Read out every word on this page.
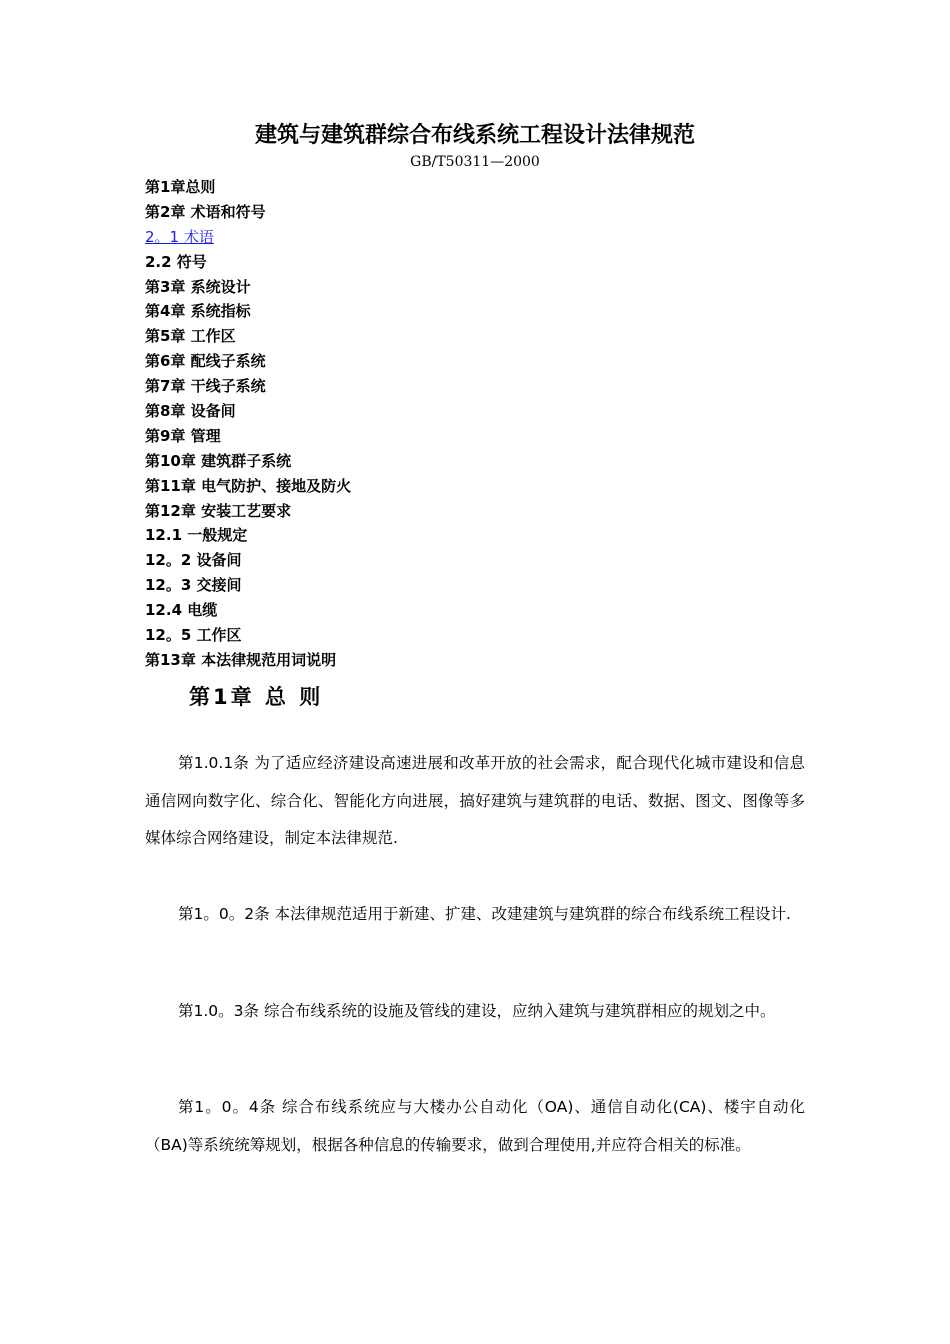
建筑与建筑群综合布线系统工程设计法律规范
GB/T50311—2000
第1章总则
第2章 术语和符号
2。1 术语
2.2 符号
第3章 系统设计
第4章 系统指标
第5章 工作区
第6章 配线子系统
第7章 干线子系统
第8章 设备间
第9章 管理
第10章 建筑群子系统
第11章 电气防护、接地及防火
第12章 安装工艺要求
12.1 一般规定
12。2 设备间
12。3 交接间
12.4 电缆
12。5 工作区
第13章 本法律规范用词说明
第1章 总 则

第1.0.1条 为了适应经济建设高速进展和改革开放的社会需求，配合现代化城市建设和信息通信网向数字化、综合化、智能化方向进展，搞好建筑与建筑群的电话、数据、图文、图像等多媒体综合网络建设，制定本法律规范.

第1。0。2条 本法律规范适用于新建、扩建、改建建筑与建筑群的综合布线系统工程设计.

第1.0。3条 综合布线系统的设施及管线的建设，应纳入建筑与建筑群相应的规划之中。

第1。0。4条 综合布线系统应与大楼办公自动化（OA)、通信自动化(CA)、楼宇自动化（BA)等系统统筹规划，根据各种信息的传输要求，做到合理使用,并应符合相关的标准。
